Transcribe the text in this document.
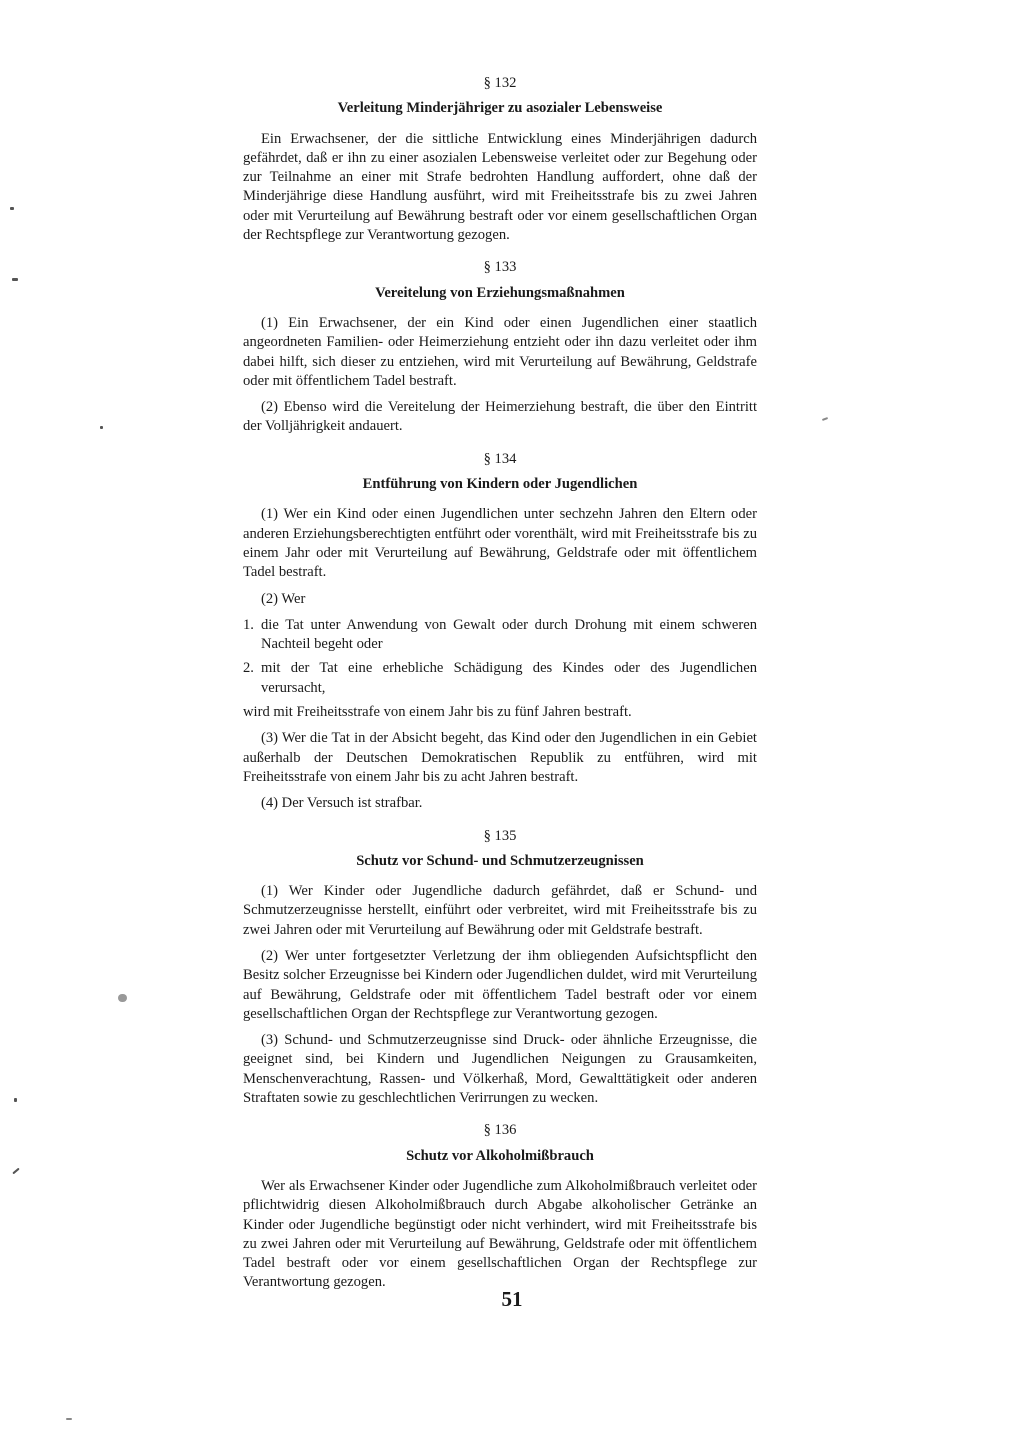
§ 132
Verleitung Minderjähriger zu asozialer Lebensweise

Ein Erwachsener, der die sittliche Entwicklung eines Minderjährigen dadurch gefährdet, daß er ihn zu einer asozialen Lebensweise verleitet oder zur Begehung oder zur Teilnahme an einer mit Strafe bedrohten Handlung auffordert, ohne daß der Minderjährige diese Handlung ausführt, wird mit Freiheitsstrafe bis zu zwei Jahren oder mit Verurteilung auf Bewährung bestraft oder vor einem gesellschaftlichen Organ der Rechtspflege zur Verantwortung gezogen.

§ 133
Vereitelung von Erziehungsmaßnahmen

(1) Ein Erwachsener, der ein Kind oder einen Jugendlichen einer staatlich angeordneten Familien- oder Heimerziehung entzieht oder ihn dazu verleitet oder ihm dabei hilft, sich dieser zu entziehen, wird mit Verurteilung auf Bewährung, Geldstrafe oder mit öffentlichem Tadel bestraft.

(2) Ebenso wird die Vereitelung der Heimerziehung bestraft, die über den Eintritt der Volljährigkeit andauert.

§ 134
Entführung von Kindern oder Jugendlichen

(1) Wer ein Kind oder einen Jugendlichen unter sechzehn Jahren den Eltern oder anderen Erziehungsberechtigten entführt oder vorenthält, wird mit Freiheitsstrafe bis zu einem Jahr oder mit Verurteilung auf Bewährung, Geldstrafe oder mit öffentlichem Tadel bestraft.

(2) Wer

1. die Tat unter Anwendung von Gewalt oder durch Drohung mit einem schweren Nachteil begeht oder
2. mit der Tat eine erhebliche Schädigung des Kindes oder des Jugendlichen verursacht,

wird mit Freiheitsstrafe von einem Jahr bis zu fünf Jahren bestraft.

(3) Wer die Tat in der Absicht begeht, das Kind oder den Jugendlichen in ein Gebiet außerhalb der Deutschen Demokratischen Republik zu entführen, wird mit Freiheitsstrafe von einem Jahr bis zu acht Jahren bestraft.

(4) Der Versuch ist strafbar.

§ 135
Schutz vor Schund- und Schmutzerzeugnissen

(1) Wer Kinder oder Jugendliche dadurch gefährdet, daß er Schund- und Schmutzerzeugnisse herstellt, einführt oder verbreitet, wird mit Freiheitsstrafe bis zu zwei Jahren oder mit Verurteilung auf Bewährung oder mit Geldstrafe bestraft.

(2) Wer unter fortgesetzter Verletzung der ihm obliegenden Aufsichtspflicht den Besitz solcher Erzeugnisse bei Kindern oder Jugendlichen duldet, wird mit Verurteilung auf Bewährung, Geldstrafe oder mit öffentlichem Tadel bestraft oder vor einem gesellschaftlichen Organ der Rechtspflege zur Verantwortung gezogen.

(3) Schund- und Schmutzerzeugnisse sind Druck- oder ähnliche Erzeugnisse, die geeignet sind, bei Kindern und Jugendlichen Neigungen zu Grausamkeiten, Menschenverachtung, Rassen- und Völkerhaß, Mord, Gewalttätigkeit oder anderen Straftaten sowie zu geschlechtlichen Verirrungen zu wecken.

§ 136
Schutz vor Alkoholmißbrauch

Wer als Erwachsener Kinder oder Jugendliche zum Alkoholmißbrauch verleitet oder pflichtwidrig diesen Alkoholmißbrauch durch Abgabe alkoholischer Getränke an Kinder oder Jugendliche begünstigt oder nicht verhindert, wird mit Freiheitsstrafe bis zu zwei Jahren oder mit Verurteilung auf Bewährung, Geldstrafe oder mit öffentlichem Tadel bestraft oder vor einem gesellschaftlichen Organ der Rechtspflege zur Verantwortung gezogen.

51
